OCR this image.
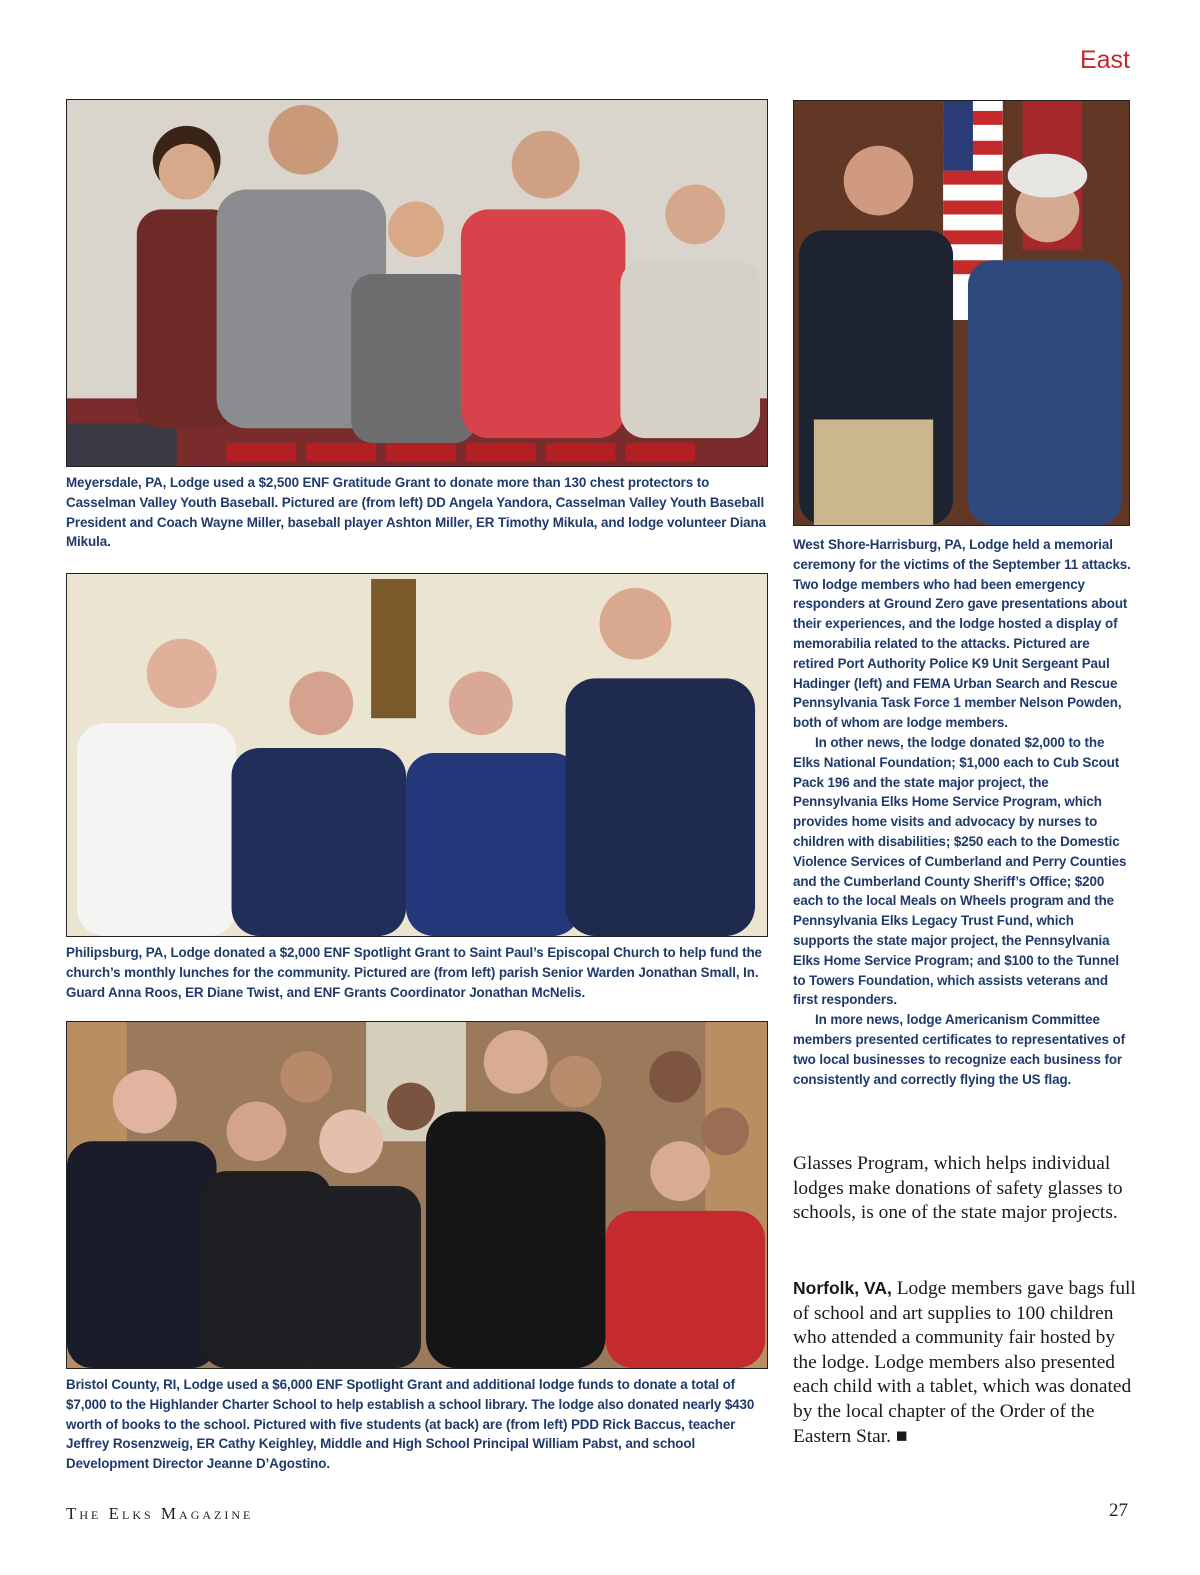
East
Meyersdale, PA, Lodge used a $2,500 ENF Gratitude Grant to donate more than 130 chest protectors to Casselman Valley Youth Baseball. Pictured are (from left) DD Angela Yandora, Casselman Valley Youth Baseball President and Coach Wayne Miller, baseball player Ashton Miller, ER Timothy Mikula, and lodge volunteer Diana Mikula.	West Shore-Harrisburg, PA, Lodge held a memorial ceremony for the victims of the September 11 attacks. Two lodge members who had been emergency responders at Ground Zero gave presentations about their experiences, and the lodge hosted a display of memorabilia related to the attacks. Pictured are retired Port Authority Police K9 Unit Sergeant Paul Hadinger (left) and FEMA Urban Search and Rescue Pennsylvania Task Force 1 member Nelson Powden, both of whom are lodge members.

In other news, the lodge donated $2,000 to the Elks National Foundation; $1,000 each to Cub Scout Pack 196 and the state major project, the Pennsylvania Elks Home Service Program, which provides home visits and advocacy by nurses to children with disabilities; $250 each to the Domestic Violence Services of Cumberland and Perry Counties and the Cumberland County Sheriff’s Office; $200 each to the local Meals on Wheels program and the Pennsylvania Elks Legacy Trust Fund, which supports the state major project, the Pennsylvania Elks Home Service Program; and $100 to the Tunnel to Towers Foundation, which assists veterans and first responders.

In more news, lodge Americanism Committee members presented certificates to representatives of two local businesses to recognize each business for consistently and correctly flying the US flag.

Philipsburg, PA, Lodge donated a $2,000 ENF Spotlight Grant to Saint Paul’s Episcopal Church to help fund the church’s monthly lunches for the community. Pictured are (from left) parish Senior Warden Jonathan Small, In. Guard Anna Roos, ER Diane Twist, and ENF Grants Coordinator Jonathan McNelis.
Bristol County, RI, Lodge used a $6,000 ENF Spotlight Grant and additional lodge funds to donate a total of $7,000 to the Highlander Charter School to help establish a school library. The lodge also donated nearly $430 worth of books to the school. Pictured with five students (at back) are (from left) PDD Rick Baccus, teacher Jeffrey Rosenzweig, ER Cathy Keighley, Middle and High School Principal William Pabst, and school Development Director Jeanne D’Agostino.
Glasses Program, which helps individual lodges make donations of safety glasses to schools, is one of the state major projects.
Norfolk, VA, Lodge members gave bags full of school and art supplies to 100 children who attended a community fair hosted by the lodge. Lodge members also presented each child with a tablet, which was donated by the local chapter of the Order of the Eastern Star. ■
The Elks Magazine	27
